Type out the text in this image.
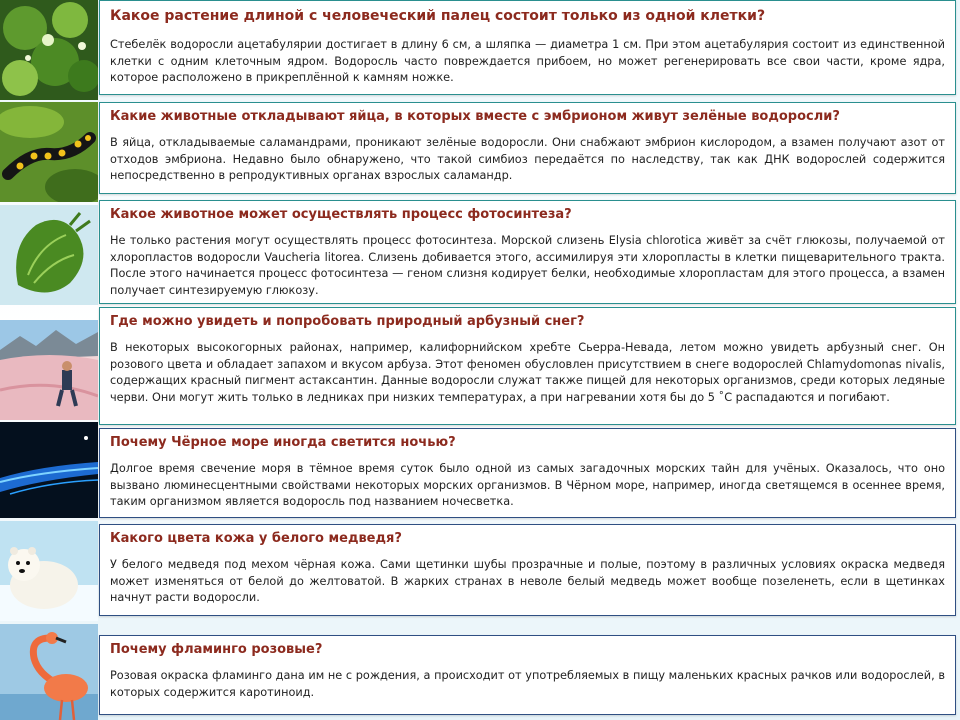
Какое растение длиной с человеческий палец состоит только из одной клетки?

Стебелёк водоросли ацетабулярии достигает в длину 6 см, а шляпка — диаметра 1 см. При этом ацетабулярия состоит из единственной клетки с одним клеточным ядром. Водоросль часто повреждается прибоем, но может регенерировать все свои части, кроме ядра, которое расположено в прикреплённой к камням ножке.

Какие животные откладывают яйца, в которых вместе с эмбрионом живут зелёные водоросли?

В яйца, откладываемые саламандрами, проникают зелёные водоросли. Они снабжают эмбрион кислородом, а взамен получают азот от отходов эмбриона. Недавно было обнаружено, что такой симбиоз передаётся по наследству, так как ДНК водорослей содержится непосредственно в репродуктивных органах взрослых саламандр.

Какое животное может осуществлять процесс фотосинтеза?

Не только растения могут осуществлять процесс фотосинтеза. Морской слизень Elysia chlorotica живёт за счёт глюкозы, получаемой от хлоропластов водоросли Vaucheria litorea. Слизень добивается этого, ассимилируя эти хлоропласты в клетки пищеварительного тракта. После этого начинается процесс фотосинтеза — геном слизня кодирует белки, необходимые хлоропластам для этого процесса, а взамен получает синтезируемую глюкозу.

Где можно увидеть и попробовать природный арбузный снег?

В некоторых высокогорных районах, например, калифорнийском хребте Сьерра-Невада, летом можно увидеть арбузный снег. Он розового цвета и обладает запахом и вкусом арбуза. Этот феномен обусловлен присутствием в снеге водорослей Chlamydomonas nivalis, содержащих красный пигмент астаксантин. Данные водоросли служат также пищей для некоторых организмов, среди которых ледяные черви. Они могут жить только в ледниках при низких температурах, а при нагревании хотя бы до 5 ˚С распадаются и погибают.

Почему Чёрное море иногда светится ночью?

Долгое время свечение моря в тёмное время суток было одной из самых загадочных морских тайн для учёных. Оказалось, что оно вызвано люминесцентными свойствами некоторых морских организмов. В Чёрном море, например, иногда светящемся в осеннее время, таким организмом является водоросль под названием ночесветка.

Какого цвета кожа у белого медведя?

У белого медведя под мехом чёрная кожа. Сами щетинки шубы прозрачные и полые, поэтому в различных условиях окраска медведя может изменяться от белой до желтоватой. В жарких странах в неволе белый медведь может вообще позеленеть, если в щетинках начнут расти водоросли.

Почему фламинго розовые?

Розовая окраска фламинго дана им не с рождения, а происходит от употребляемых в пищу маленьких красных рачков или водорослей, в которых содержится каротиноид.
